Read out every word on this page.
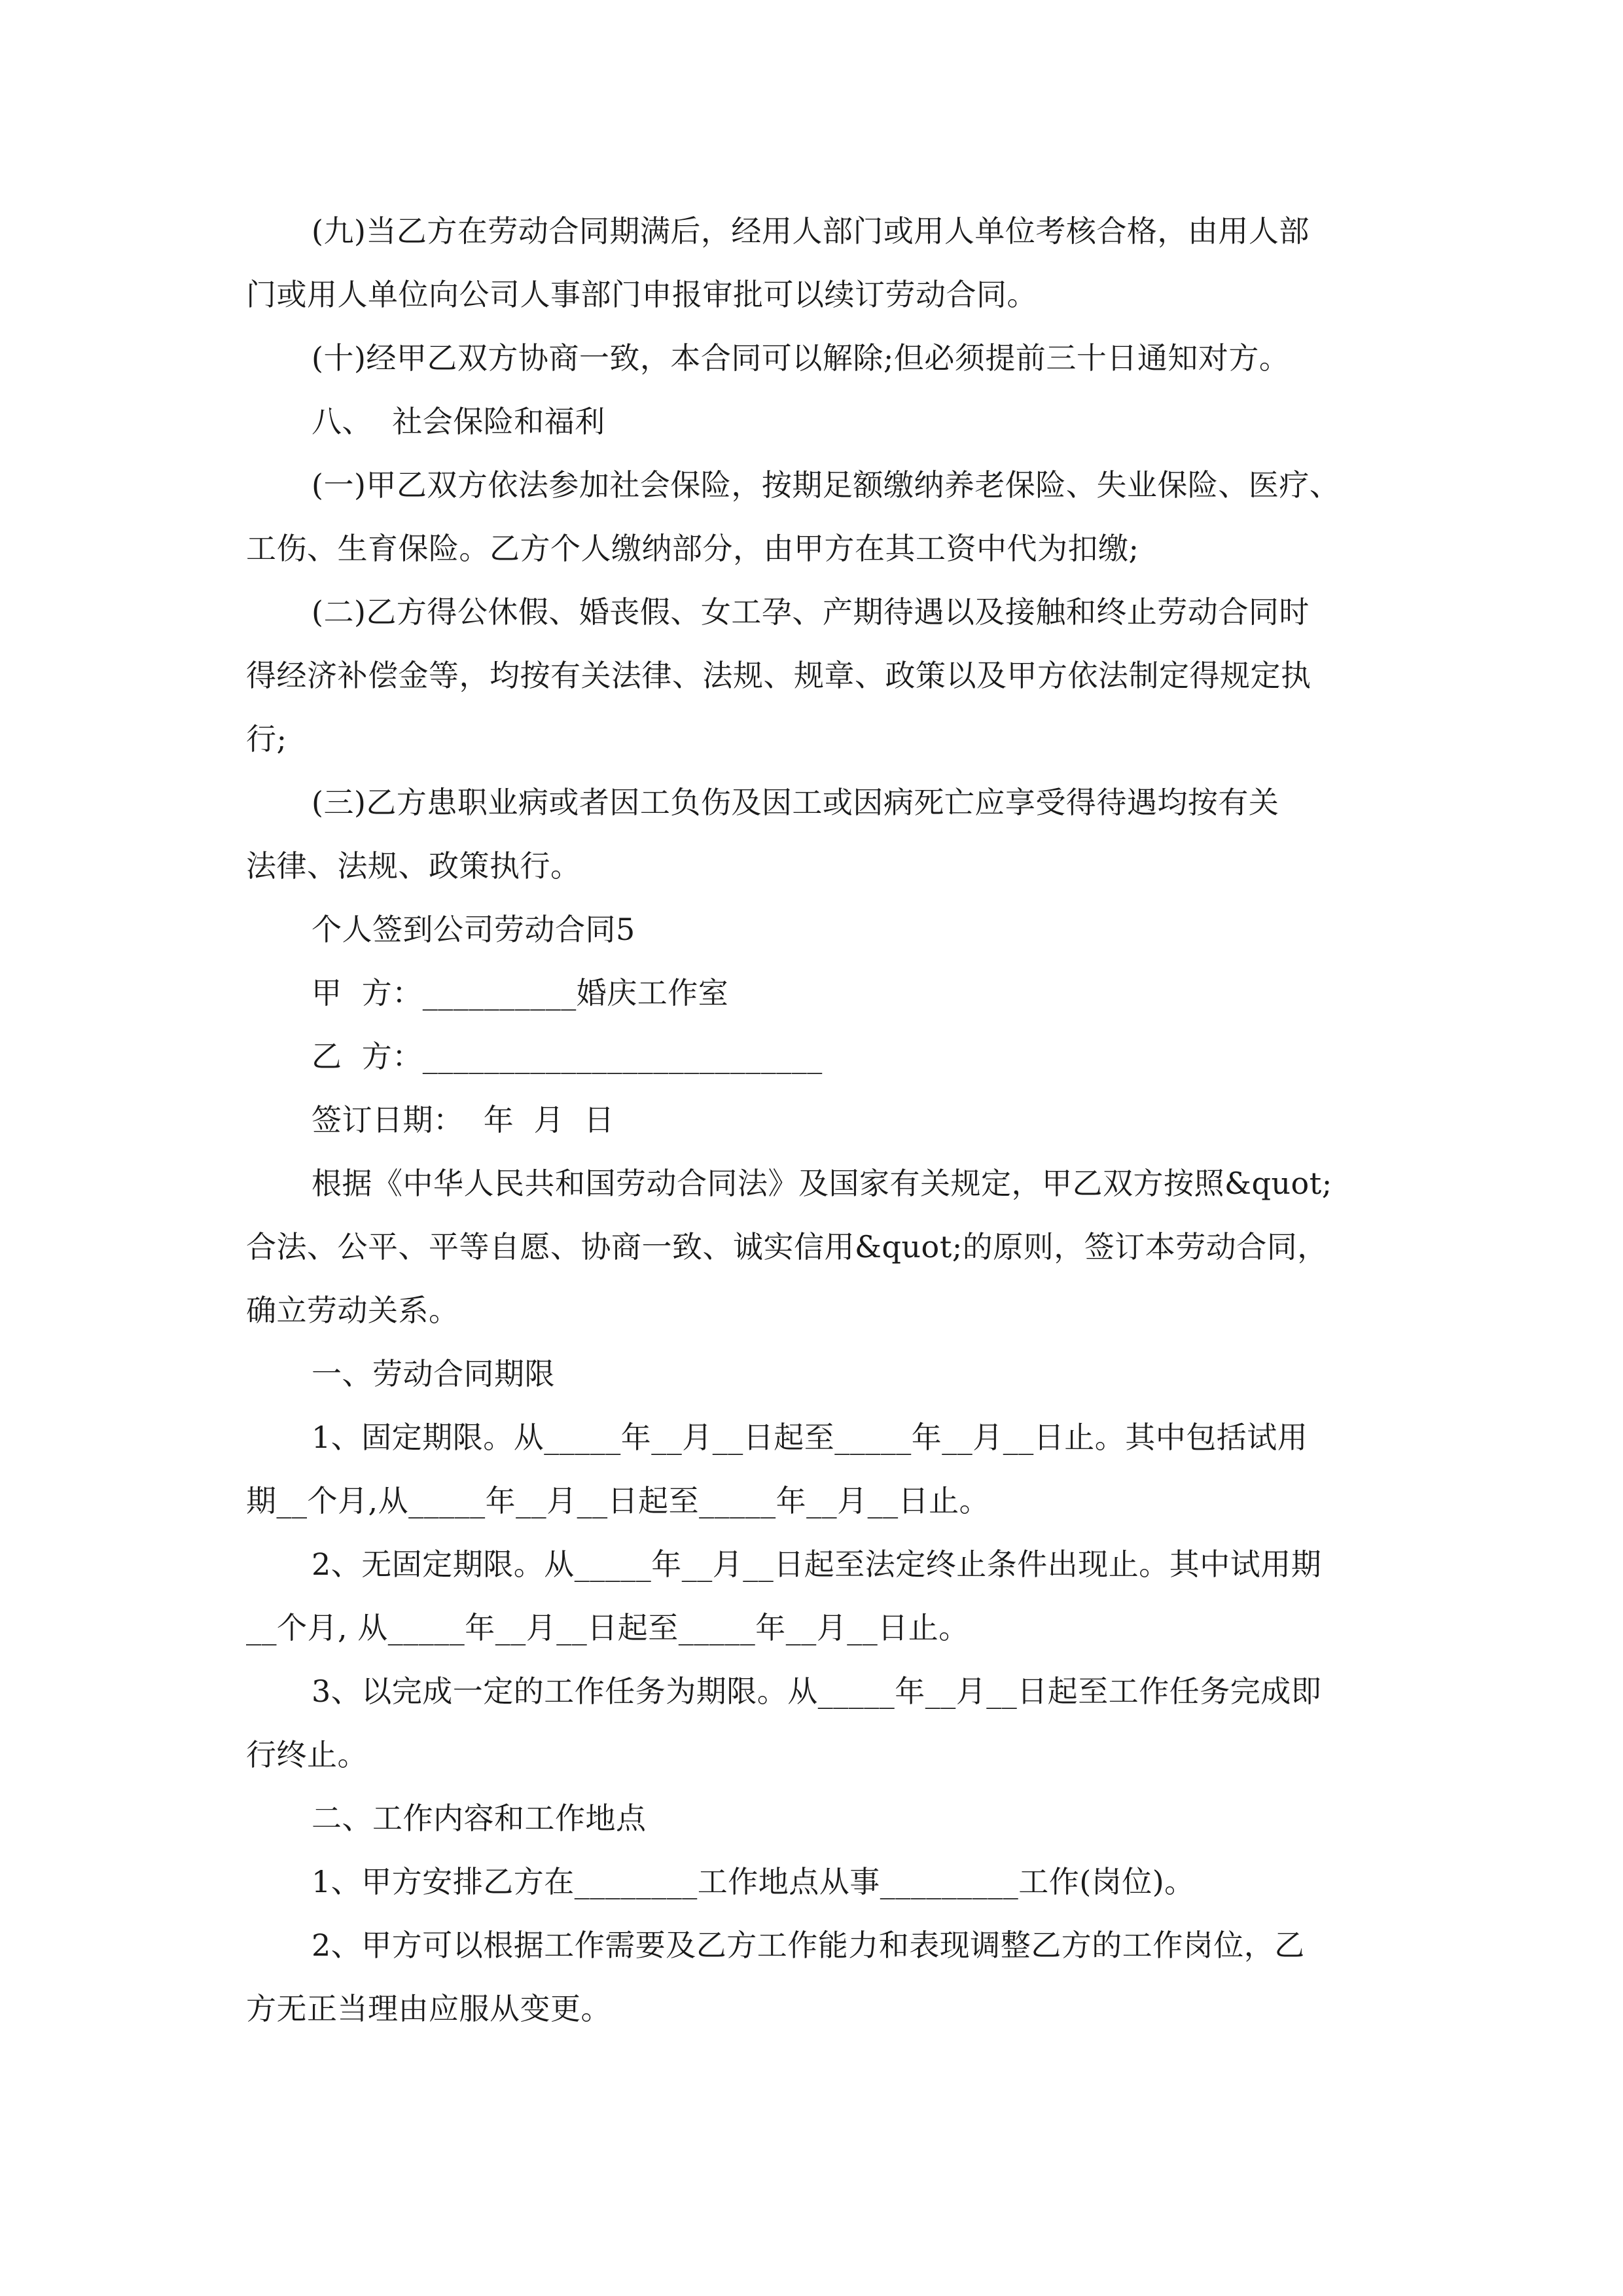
(九)当乙方在劳动合同期满后，经用人部门或用人单位考核合格，由用人部

门或用人单位向公司人事部门申报审批可以续订劳动合同。

(十)经甲乙双方协商一致，本合同可以解除;但必须提前三十日通知对方。

八、  社会保险和福利

(一)甲乙双方依法参加社会保险，按期足额缴纳养老保险、失业保险、医疗、

工伤、生育保险。乙方个人缴纳部分，由甲方在其工资中代为扣缴;

(二)乙方得公休假、婚丧假、女工孕、产期待遇以及接触和终止劳动合同时

得经济补偿金等，均按有关法律、法规、规章、政策以及甲方依法制定得规定执

行;

(三)乙方患职业病或者因工负伤及因工或因病死亡应享受得待遇均按有关

法律、法规、政策执行。

个人签到公司劳动合同5

甲  方：__________婚庆工作室

乙  方：__________________________

签订日期：  年  月  日

根据《中华人民共和国劳动合同法》及国家有关规定，甲乙双方按照&quot;

合法、公平、平等自愿、协商一致、诚实信用&quot;的原则，签订本劳动合同，

确立劳动关系。

一、劳动合同期限

1、固定期限。从_____年__月__日起至_____年__月__日止。其中包括试用

期__个月,从_____年__月__日起至_____年__月__日止。

2、无固定期限。从_____年__月__日起至法定终止条件出现止。其中试用期

__个月, 从_____年__月__日起至_____年__月__日止。

3、以完成一定的工作任务为期限。从_____年__月__日起至工作任务完成即

行终止。

二、工作内容和工作地点

1、甲方安排乙方在________工作地点从事_________工作(岗位)。

2、甲方可以根据工作需要及乙方工作能力和表现调整乙方的工作岗位，乙

方无正当理由应服从变更。
